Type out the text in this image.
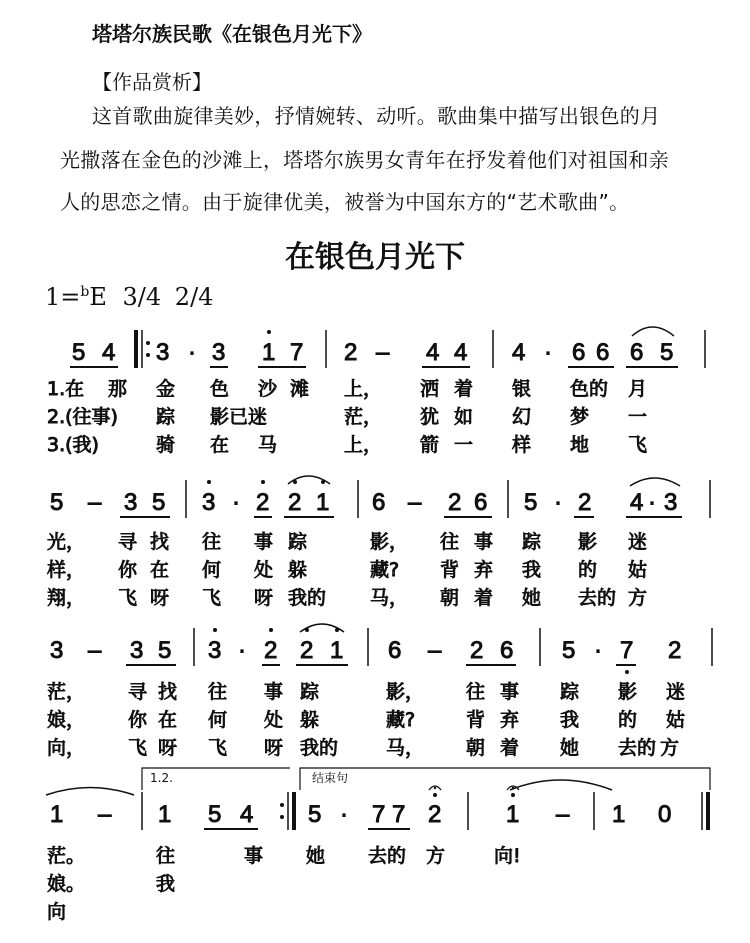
塔塔尔族民歌《在银色月光下》
【作品赏析】
这首歌曲旋律美妙，抒情婉转、动听。歌曲集中描写出银色的月
光撒落在金色的沙滩上，塔塔尔族男女青年在抒发着他们对祖国和亲
人的思恋之情。由于旋律优美，被誉为中国东方的“艺术歌曲”。
在银色月光下
1=$^b$E 3/4 2/4
5 4 3 · 3 1 7 2 – 4 4 4 · 6 6 6 5
1.在 那 金 色 沙 滩 上， 洒 着 银 色的 月
2.(往事) 踪 影已迷	茫， 犹 如 幻 梦 一
3.(我)	骑 在 马	上， 箭 一 样 地 飞
5 – 3 5 3 · 2 2 1 6 – 2 6 5 · 2 4 · 3
光， 寻 找 往 事 踪	影， 往 事 踪 影 迷
样， 你 在 何 处 躲	藏? 背 弃 我 的 姑
翔， 飞 呀 飞 呀 我的 马， 朝 着 她 去的 方
3 – 3 5 3 · 2 2 1 6 – 2 6 5 · 7 2
茫， 寻 找 往 事 踪	影， 往 事 踪 影 迷
娘， 你 在 何 处 躲	藏?	背 弃 我 的 姑
向， 飞 呀 飞 呀 我的	马， 朝 着 她 去的 方
1.2.	结束句
1 – 1 5 4 5 · 7 7 2	1 – 1 0
茫。	往	事 她 去的 方	向!
娘。	我
向
